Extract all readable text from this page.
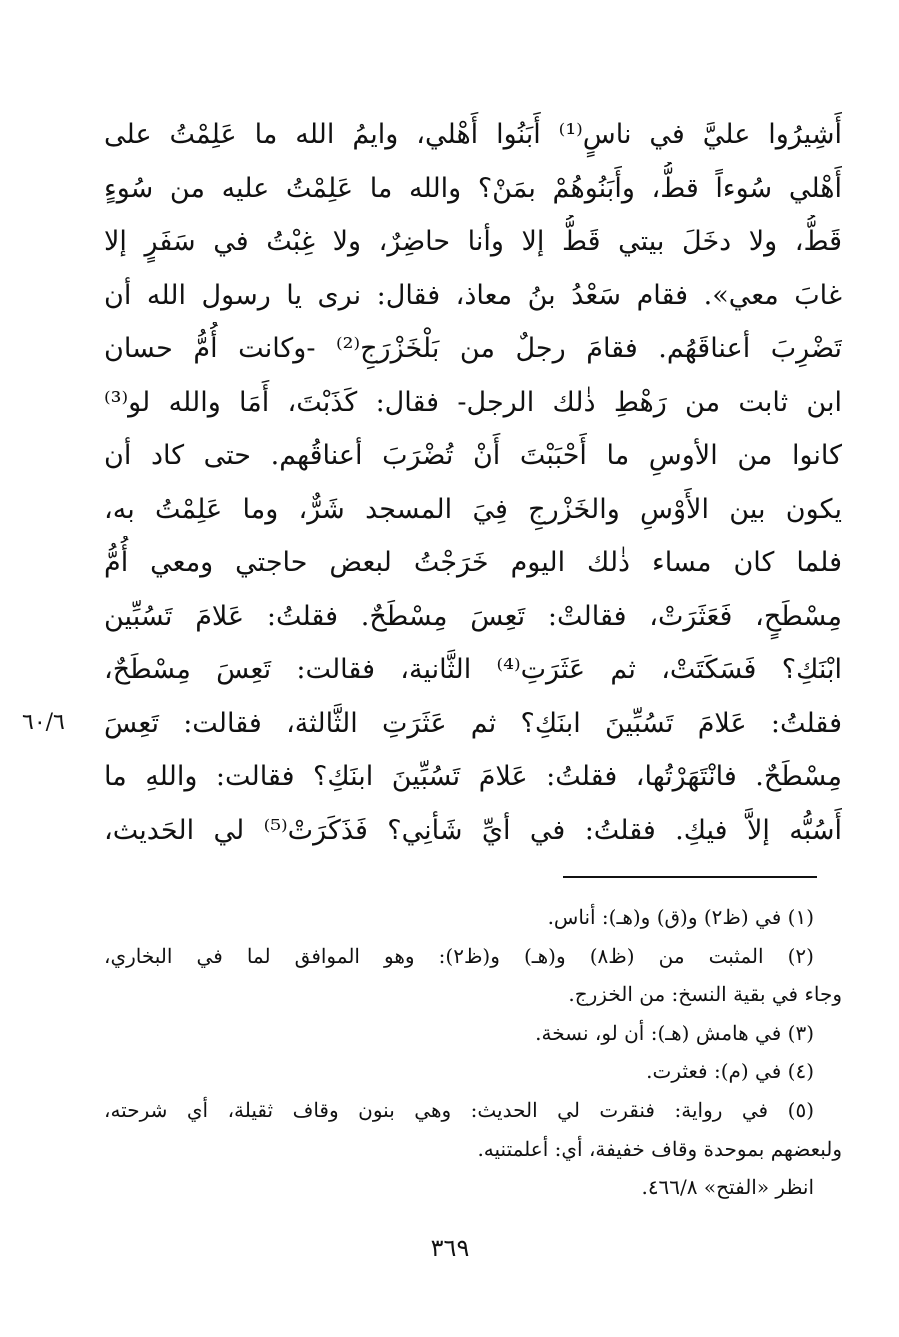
أَشِيرُوا عليَّ في ناسٍ⁽¹⁾ أَبَنُوا أَهْلي، وايمُ الله ما عَلِمْتُ على
أَهْلي سُوءاً قطُّ، وأَبَنُوهُمْ بمَنْ؟ والله ما عَلِمْتُ عليه من سُوءٍ
قَطُّ، ولا دخَلَ بيتي قَطُّ إلا وأنا حاضِرٌ، ولا غِبْتُ في سَفَرٍ إلا
غابَ معي». فقام سَعْدُ بنُ معاذ، فقال: نرى يا رسول الله أن
تَضْرِبَ أعناقَهُم. فقامَ رجلٌ من بَلْخَزْرَجِ⁽²⁾ -وكانت أُمُّ حسان
ابن ثابت من رَهْطِ ذٰلك الرجل- فقال: كَذَبْتَ، أَمَا والله لو⁽³⁾
كانوا من الأوسِ ما أَحْبَبْتَ أَنْ تُضْرَبَ أعناقُهم. حتى كاد أن
يكون بين الأَوْسِ والخَزْرجِ فِيَ المسجد شَرٌّ، وما عَلِمْتُ به،
فلما كان مساء ذٰلك اليوم خَرَجْتُ لبعض حاجتي ومعي أُمُّ
مِسْطَحٍ، فَعَثَرَتْ، فقالتْ: تَعِسَ مِسْطَحٌ. فقلتُ: عَلامَ تَسُبِّين
ابْنَكِ؟ فَسَكَتَتْ، ثم عَثَرَتِ⁽⁴⁾ الثَّانية، فقالت: تَعِسَ مِسْطَحٌ،
فقلتُ: عَلامَ تَسُبِّينَ ابنَكِ؟ ثم عَثَرَتِ الثَّالثة، فقالت: تَعِسَ
مِسْطَحٌ. فانْتَهَرْتُها، فقلتُ: عَلامَ تَسُبِّينَ ابنَكِ؟ فقالت: واللهِ ما
أَسُبُّه إلاَّ فيكِ. فقلتُ: في أيِّ شَأنِي؟ فَذَكَرَتْ⁽⁵⁾ لي الحَديث،
٦٠/٦
(١) في (ظ٢) و(ق) و(هـ): أناس.
(٢) المثبت من (ظ٨) و(هـ) و(ظ٢): وهو الموافق لما في البخاري،
وجاء في بقية النسخ: من الخزرج.
(٣) في هامش (هـ): أن لو، نسخة.
(٤) في (م): فعثرت.
(٥) في رواية: فنقرت لي الحديث: وهي بنون وقاف ثقيلة، أي شرحته،
ولبعضهم بموحدة وقاف خفيفة، أي: أعلمتنيه.
انظر «الفتح» ٤٦٦/٨.
٣٦٩
